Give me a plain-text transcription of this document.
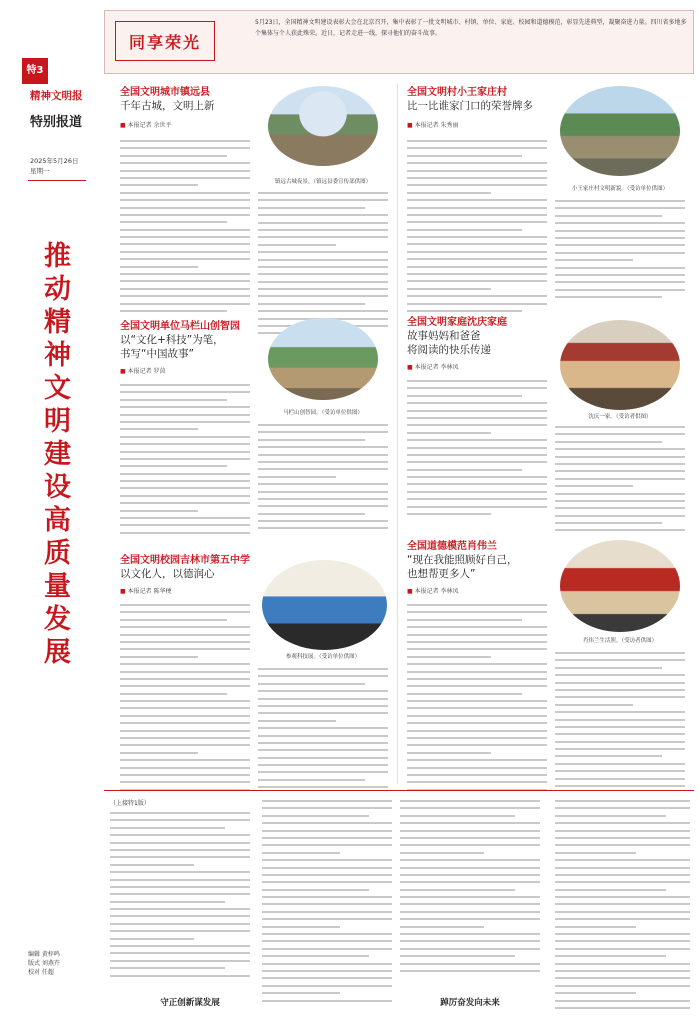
特3
精神文明报
特别报道
2025年5月26日
星期一
推动精神文明建设高质量发展
编辑 黄梓鸣
版式 刘燕卉
校对 任超
同享荣光
5月23日，全国精神文明建设表彰大会在北京召开，集中表彰了一批文明城市、村镇、单位、家庭、校园和道德模范，彰显先进典型，凝聚奋进力量。四川省多地多个集体与个人获此殊荣。近日，记者走进一线，探寻他们的奋斗故事。
全国文明城市镇远县
千年古城，文明上新
■ 本报记者 余世平
镇远古城夜景。（镇远县委宣传部供图）
全国文明村小王家庄村
比一比谁家门口的荣誉牌多
■ 本报记者 朱秀丽
小王家庄村文明新貌。（受访单位供图）
全国文明单位马栏山创智园
以“文化+科技”为笔，
书写“中国故事”
■ 本报记者 罗茵
马栏山创智园。（受访单位供图）
全国文明家庭沈庆家庭
故事妈妈和爸爸
将阅读的快乐传递
■ 本报记者 李林凤
沈庆一家。（受访者供图）
全国文明校园吉林市第五中学
以文化人，以德润心
■ 本报记者 陈华梗
参观科技展。（受访单位供图）
全国道德模范肖伟兰
“现在我能照顾好自己，
也想帮更多人”
■ 本报记者 李林凤
肖伟兰生活照。（受访者供图）
（上接特1版）
守正创新谋发展	踔厉奋发向未来
